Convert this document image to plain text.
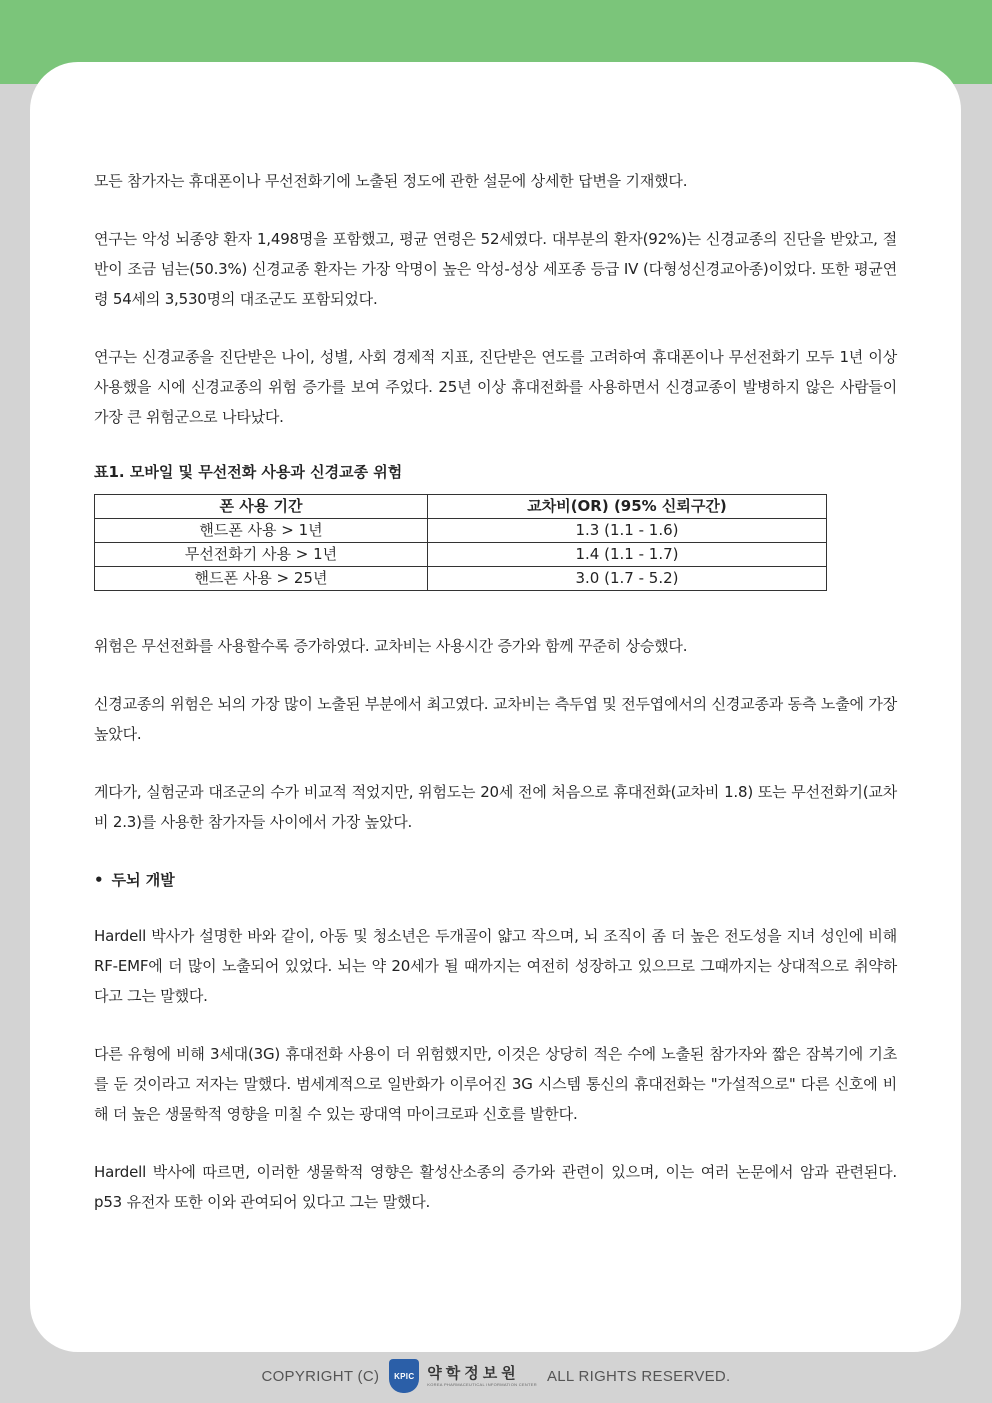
모든 참가자는 휴대폰이나 무선전화기에 노출된 정도에 관한 설문에 상세한 답변을 기재했다.

연구는 악성 뇌종양 환자 1,498명을 포함했고, 평균 연령은 52세였다. 대부분의 환자(92%)는 신경교종의 진단을 받았고, 절반이 조금 넘는(50.3%) 신경교종 환자는 가장 악명이 높은 악성-성상 세포종 등급 IV (다형성신경교아종)이었다. 또한 평균연령 54세의 3,530명의 대조군도 포함되었다.

연구는 신경교종을 진단받은 나이, 성별, 사회 경제적 지표, 진단받은 연도를 고려하여 휴대폰이나 무선전화기 모두 1년 이상 사용했을 시에 신경교종의 위험 증가를 보여 주었다. 25년 이상 휴대전화를 사용하면서 신경교종이 발병하지 않은 사람들이 가장 큰 위험군으로 나타났다.

표1. 모바일 및 무선전화 사용과 신경교종 위험
폰 사용 기간	교차비(OR) (95% 신뢰구간)
핸드폰 사용 > 1년	1.3 (1.1 - 1.6)
무선전화기 사용 > 1년	1.4 (1.1 - 1.7)
핸드폰 사용 > 25년	3.0 (1.7 - 5.2)

위험은 무선전화를 사용할수록 증가하였다. 교차비는 사용시간 증가와 함께 꾸준히 상승했다.

신경교종의 위험은 뇌의 가장 많이 노출된 부분에서 최고였다. 교차비는 측두엽 및 전두엽에서의 신경교종과 동측 노출에 가장 높았다.

게다가, 실험군과 대조군의 수가 비교적 적었지만, 위험도는 20세 전에 처음으로 휴대전화(교차비 1.8) 또는 무선전화기(교차비 2.3)를 사용한 참가자들 사이에서 가장 높았다.

• 두뇌 개발

Hardell 박사가 설명한 바와 같이, 아동 및 청소년은 두개골이 얇고 작으며, 뇌 조직이 좀 더 높은 전도성을 지녀 성인에 비해 RF-EMF에 더 많이 노출되어 있었다. 뇌는 약 20세가 될 때까지는 여전히 성장하고 있으므로 그때까지는 상대적으로 취약하다고 그는 말했다.

다른 유형에 비해 3세대(3G) 휴대전화 사용이 더 위험했지만, 이것은 상당히 적은 수에 노출된 참가자와 짧은 잠복기에 기초를 둔 것이라고 저자는 말했다. 범세계적으로 일반화가 이루어진 3G 시스템 통신의 휴대전화는 "가설적으로" 다른 신호에 비해 더 높은 생물학적 영향을 미칠 수 있는 광대역 마이크로파 신호를 발한다.

Hardell 박사에 따르면, 이러한 생물학적 영향은 활성산소종의 증가와 관련이 있으며, 이는 여러 논문에서 암과 관련된다. p53 유전자 또한 이와 관여되어 있다고 그는 말했다.

COPYRIGHT (C)	KPIC 약학정보원
KOREA PHARMACEUTICAL INFORMATION CENTER ALL RIGHTS RESERVED.
